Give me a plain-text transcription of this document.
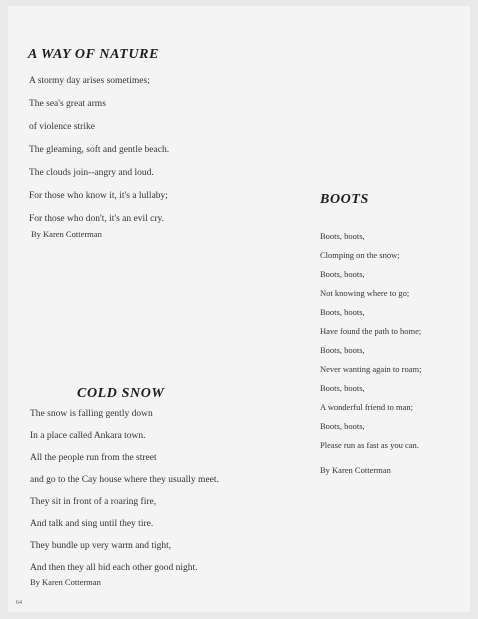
A WAY OF NATURE
A stormy day arises sometimes;
The sea's great arms
of violence strike
The gleaming, soft and gentle beach.
The clouds join--angry and loud.
For those who know it, it's a lullaby;
For those who don't, it's an evil cry.

By Karen Cotterman

BOOTS
Boots, boots,
Clomping on the snow;
Boots, boots,
Not knowing where to go;
Boots, boots,
Have found the path to home;
Boots, boots,
Never wanting again to roam;
Boots, boots,
A wonderful friend to man;
Boots, boots,
Please run as fast as you can.

By Karen Cotterman

COLD SNOW
The snow is falling gently down
In a place called Ankara town.
All the people run from the street
and go to the Cay house where they usually meet.
They sit in front of a roaring fire,
And talk and sing until they tire.
They bundle up very warm and tight,
And then they all bid each other good night.

By Karen Cotterman

64
